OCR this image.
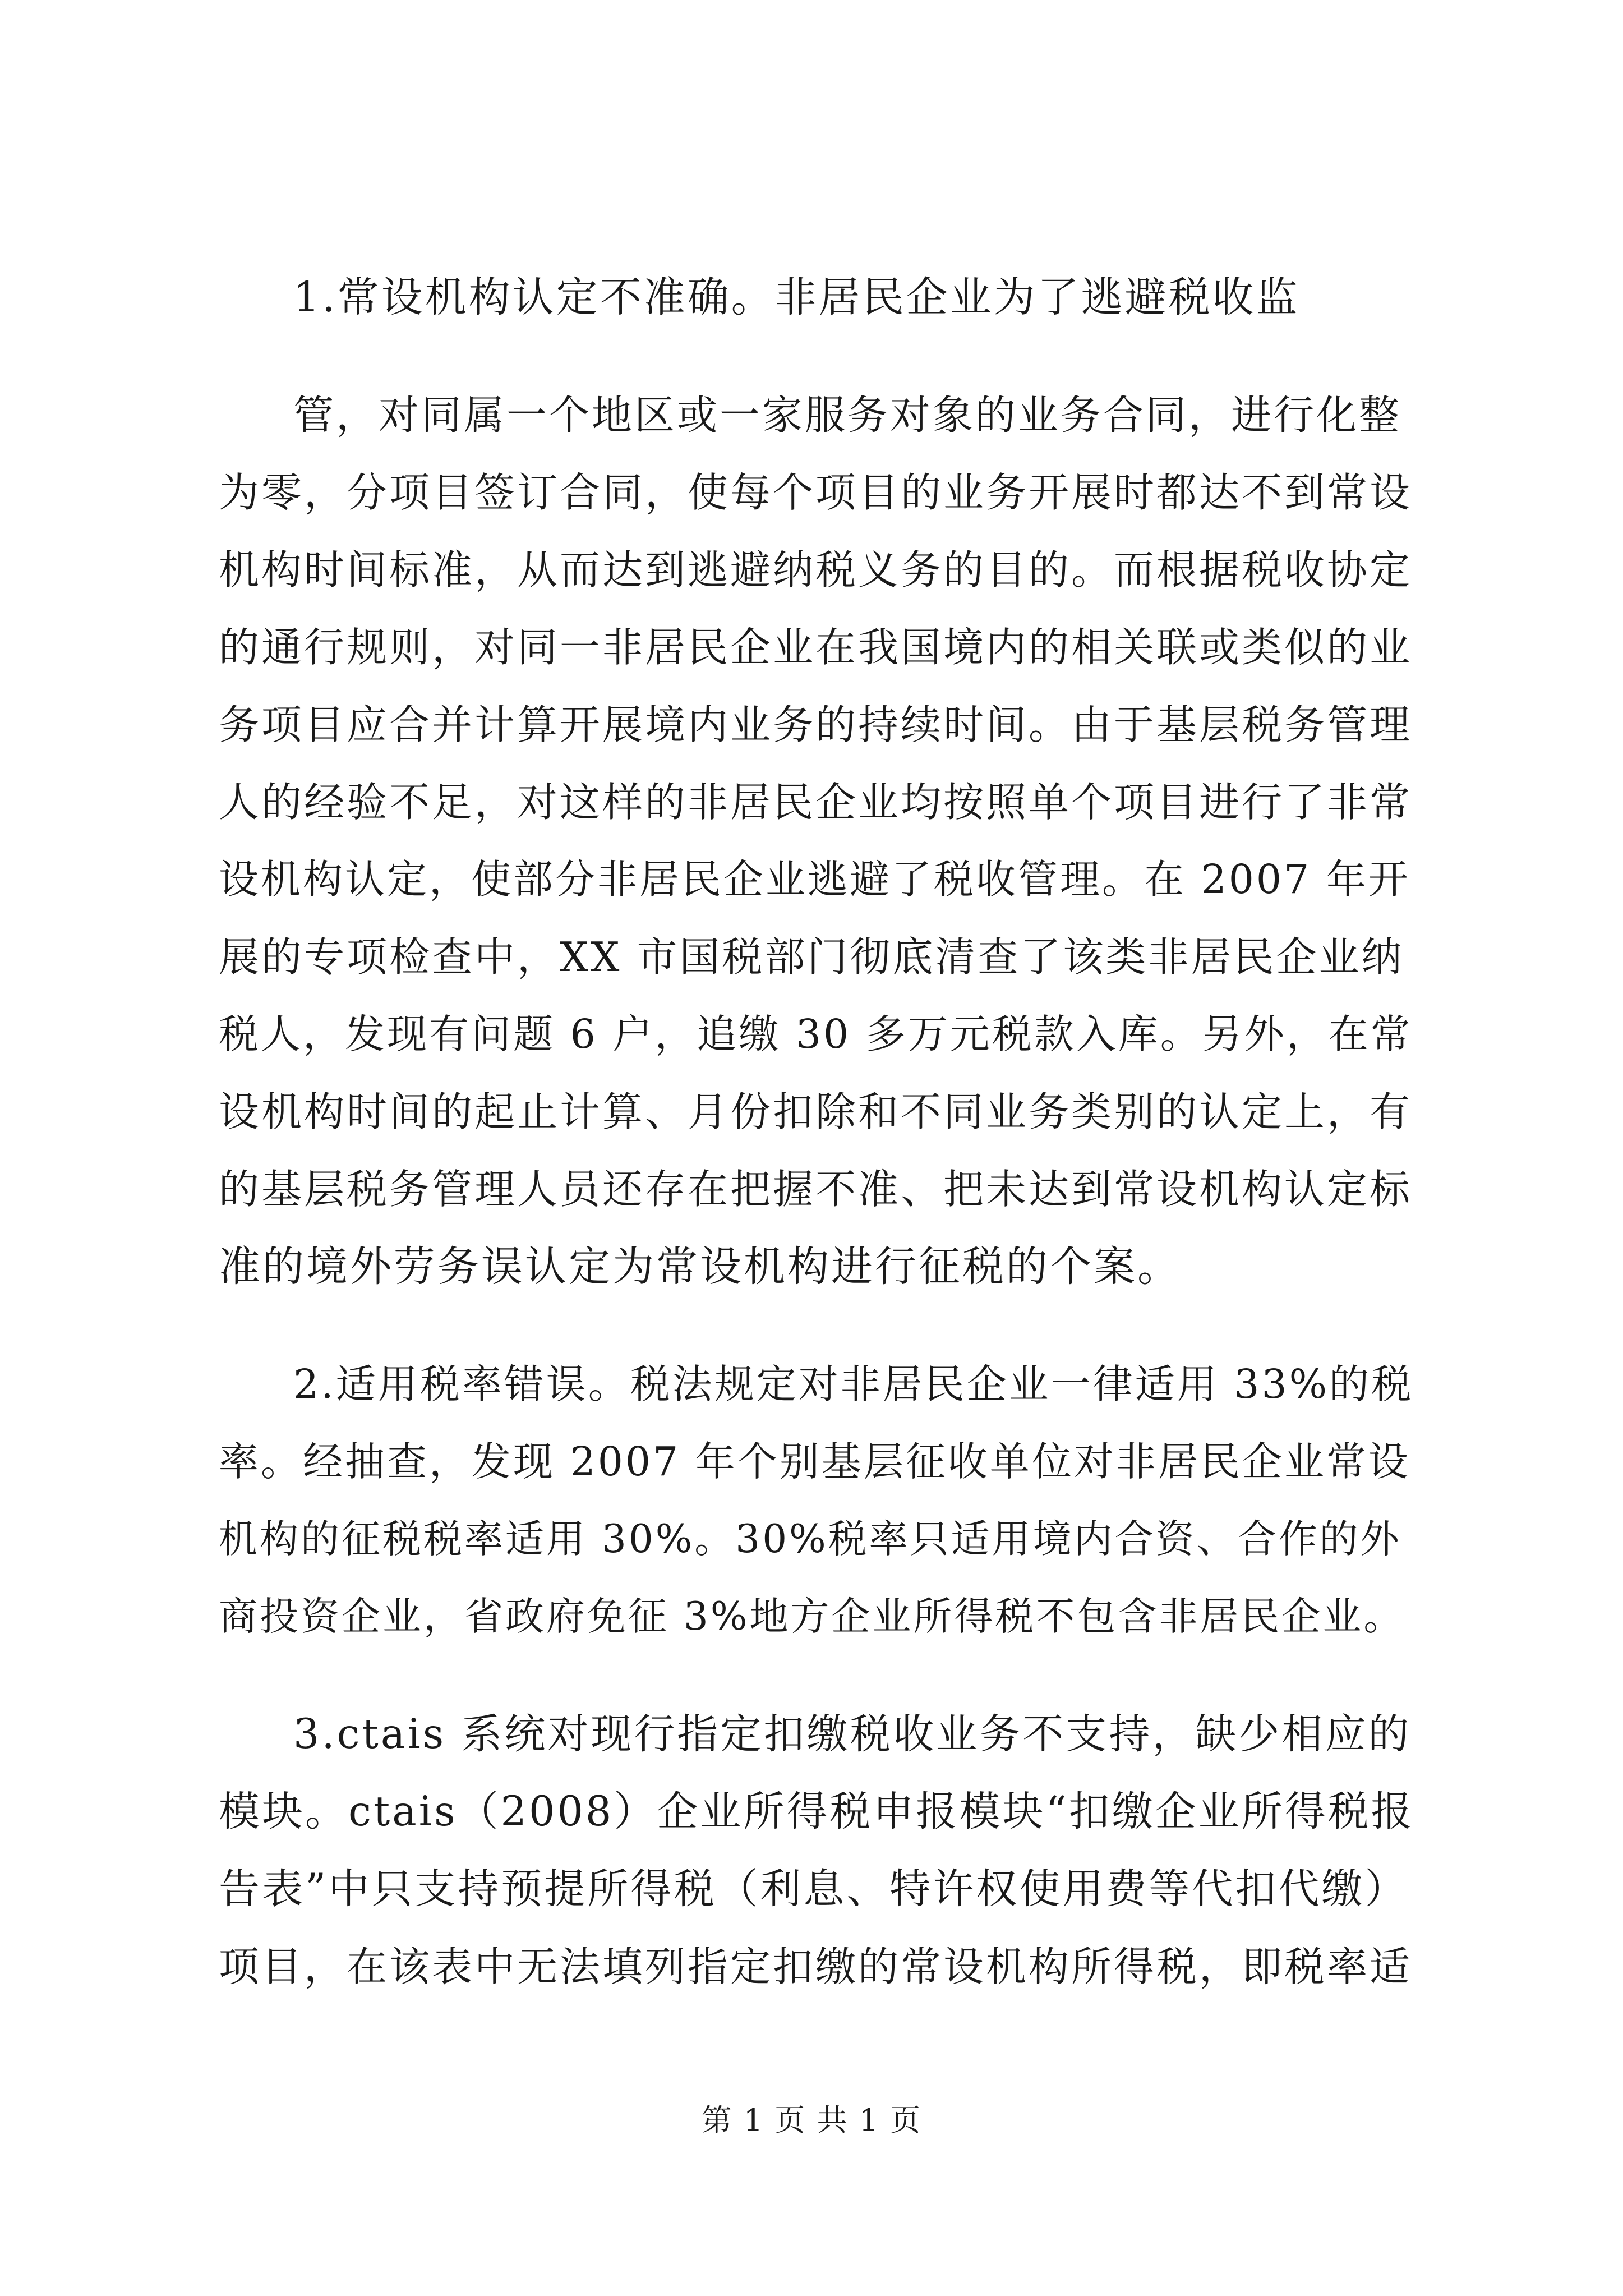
1.常设机构认定不准确。非居民企业为了逃避税收监
管，对同属一个地区或一家服务对象的业务合同，进行化整
为零，分项目签订合同，使每个项目的业务开展时都达不到常设
机构时间标准，从而达到逃避纳税义务的目的。而根据税收协定
的通行规则，对同一非居民企业在我国境内的相关联或类似的业
务项目应合并计算开展境内业务的持续时间。由于基层税务管理
人的经验不足，对这样的非居民企业均按照单个项目进行了非常
设机构认定，使部分非居民企业逃避了税收管理。在 2007 年开
展的专项检查中，XX 市国税部门彻底清查了该类非居民企业纳
税人，发现有问题 6 户，追缴 30 多万元税款入库。另外，在常
设机构时间的起止计算、月份扣除和不同业务类别的认定上，有
的基层税务管理人员还存在把握不准、把未达到常设机构认定标
准的境外劳务误认定为常设机构进行征税的个案。
2.适用税率错误。税法规定对非居民企业一律适用 33%的税
率。经抽查，发现 2007 年个别基层征收单位对非居民企业常设
机构的征税税率适用 30%。30%税率只适用境内合资、合作的外
商投资企业，省政府免征 3%地方企业所得税不包含非居民企业。
3.ctais 系统对现行指定扣缴税收业务不支持，缺少相应的
模块。ctais（2008）企业所得税申报模块“扣缴企业所得税报
告表”中只支持预提所得税（利息、特许权使用费等代扣代缴）
项目，在该表中无法填列指定扣缴的常设机构所得税，即税率适
第 1 页 共 1 页
